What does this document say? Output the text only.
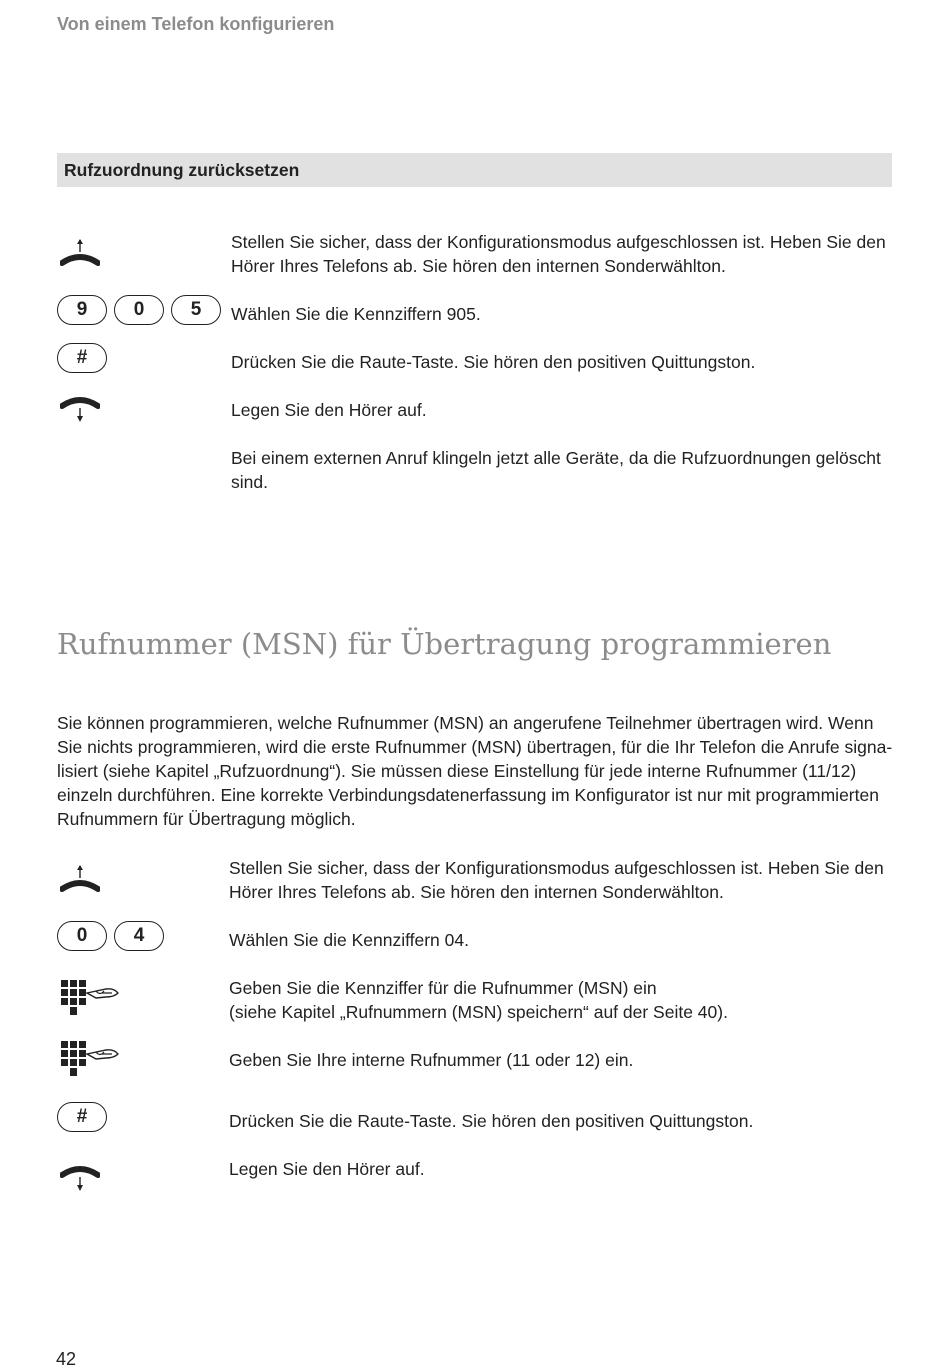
Von einem Telefon konfigurieren
Rufzuordnung zurücksetzen
Stellen Sie sicher, dass der Konfigurationsmodus aufgeschlossen ist. Heben Sie den
Hörer Ihres Telefons ab. Sie hören den internen Sonderwählton.
9	0	5	Wählen Sie die Kennziffern 905.
#	Drücken Sie die Raute-Taste. Sie hören den positiven Quittungston.
Legen Sie den Hörer auf.
Bei einem externen Anruf klingeln jetzt alle Geräte, da die Rufzuordnungen gelöscht
sind.
Rufnummer (MSN) für Übertragung programmieren
Sie können programmieren, welche Rufnummer (MSN) an angerufene Teilnehmer übertragen wird. Wenn
Sie nichts programmieren, wird die erste Rufnummer (MSN) übertragen, für die Ihr Telefon die Anrufe signa-
lisiert (siehe Kapitel „Rufzuordnung“). Sie müssen diese Einstellung für jede interne Rufnummer (11/12)
einzeln durchführen. Eine korrekte Verbindungsdatenerfassung im Konfigurator ist nur mit programmierten
Rufnummern für Übertragung möglich.
Stellen Sie sicher, dass der Konfigurationsmodus aufgeschlossen ist. Heben Sie den
Hörer Ihres Telefons ab. Sie hören den internen Sonderwählton.
0	4	Wählen Sie die Kennziffern 04.
Geben Sie die Kennziffer für die Rufnummer (MSN) ein
(siehe Kapitel „Rufnummern (MSN) speichern“ auf der Seite 40).
Geben Sie Ihre interne Rufnummer (11 oder 12) ein.
#	Drücken Sie die Raute-Taste. Sie hören den positiven Quittungston.
Legen Sie den Hörer auf.
42
